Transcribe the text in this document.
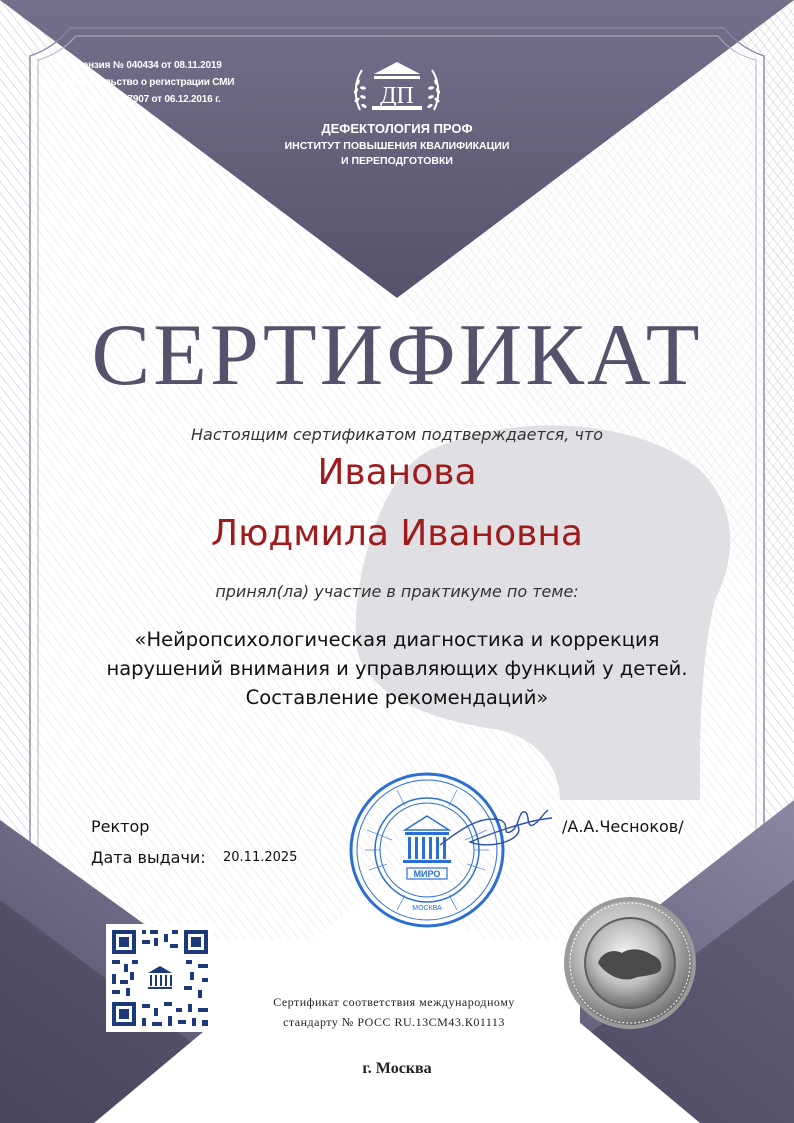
Лицензия № 040434 от 08.11.2019
Свидетельство о регистрации СМИ
Эл № ФС77-67907 от 06.12.2016 г.	ДП
ДЕФЕКТОЛОГИЯ ПРОФ
ИНСТИТУТ ПОВЫШЕНИЯ КВАЛИФИКАЦИИ
И ПЕРЕПОДГОТОВКИ
СЕРТИФИКАТ
Настоящим сертификатом подтверждается, что
Иванова
Людмила Ивановна
принял(ла) участие в практикуме по теме:
«Нейропсихологическая диагностика и коррекция
нарушений внимания и управляющих функций у детей.
Составление рекомендаций»
МИРО
МОСКВА
Ректор	/А.А.Чесноков/
Дата выдачи: 20.11.2025
Сертификат соответствия международному
стандарту № РОСС RU.13СМ43.К01113
г. Москва
